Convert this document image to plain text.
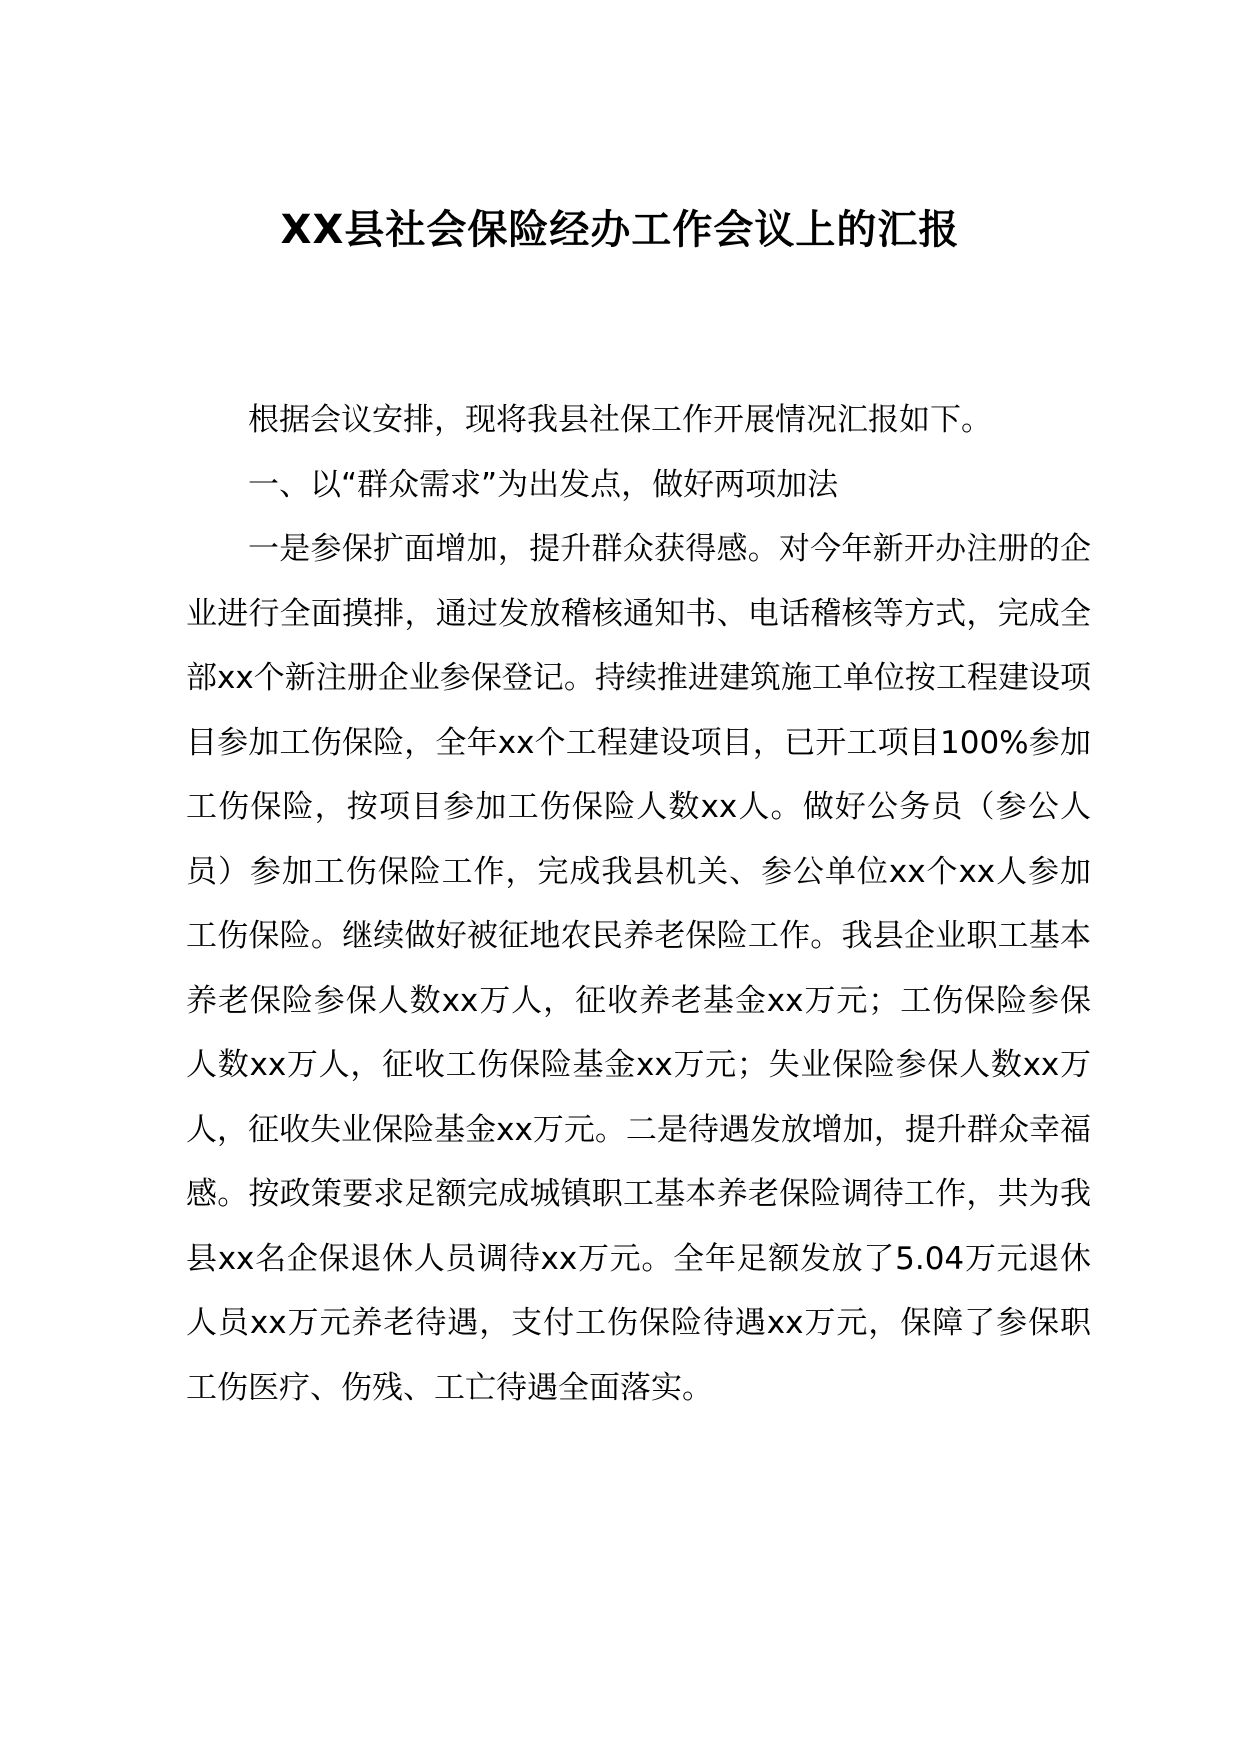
XX县社会保险经办工作会议上的汇报

根据会议安排，现将我县社保工作开展情况汇报如下。

一、以“群众需求”为出发点，做好两项加法

一是参保扩面增加，提升群众获得感。对今年新开办注册的企业进行全面摸排，通过发放稽核通知书、电话稽核等方式，完成全部xx个新注册企业参保登记。持续推进建筑施工单位按工程建设项目参加工伤保险，全年xx个工程建设项目，已开工项目100%参加工伤保险，按项目参加工伤保险人数xx人。做好公务员（参公人员）参加工伤保险工作，完成我县机关、参公单位xx个xx人参加工伤保险。继续做好被征地农民养老保险工作。我县企业职工基本养老保险参保人数xx万人，征收养老基金xx万元；工伤保险参保人数xx万人，征收工伤保险基金xx万元；失业保险参保人数xx万人，征收失业保险基金xx万元。二是待遇发放增加，提升群众幸福感。按政策要求足额完成城镇职工基本养老保险调待工作，共为我县xx名企保退休人员调待xx万元。全年足额发放了5.04万元退休人员xx万元养老待遇，支付工伤保险待遇xx万元，保障了参保职工伤医疗、伤残、工亡待遇全面落实。
